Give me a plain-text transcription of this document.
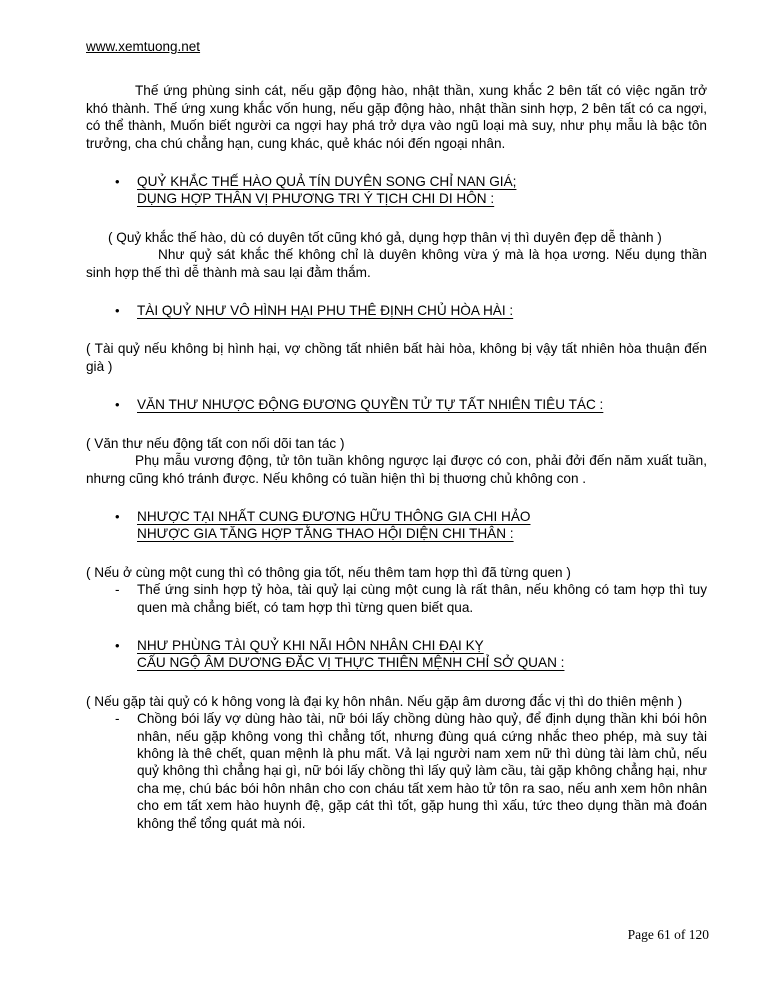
www.xemtuong.net

Thế ứng phùng sinh cát, nếu gặp động hào, nhật thần, xung khắc 2 bên tất có việc ngăn trở khó thành. Thế ứng xung khắc vốn hung, nếu gặp động hào, nhật thần sinh hợp, 2 bên tất có ca ngợi, có thể thành, Muốn biết người ca ngợi hay phá trở dựa vào ngũ loại mà suy, như phụ mẫu là bậc tôn trưởng, cha chú chẳng hạn, cung khác, quẻ khác nói đến ngoại nhân.

•	QUỶ KHẮC THẾ HÀO QUẢ TÍN DUYÊN SONG CHỈ NAN GIÁ;
DỤNG HỢP THÂN VỊ PHƯƠNG TRI Ý TỊCH CHI DI HÔN :

( Quỷ khắc thế hào, dù có duyên tốt cũng khó gả, dụng hợp thân vị thì duyên đẹp dễ thành )

Như quỷ sát khắc thế không chỉ là duyên không vừa ý mà là họa ương. Nếu dụng thần sinh hợp thế thì dễ thành mà sau lại đằm thắm.

•	TÀI QUỶ NHƯ VÔ HÌNH HẠI PHU THÊ ĐỊNH CHỦ HÒA HÀI :

( Tài quỷ nếu không bị hình hại, vợ chồng tất nhiên bất hài hòa, không bị vậy tất nhiên hòa thuận đến già )

•	VĂN THƯ NHƯỢC ĐỘNG ĐƯƠNG QUYỀN TỬ TỰ TẤT NHIÊN TIÊU TÁC :

( Văn thư nếu động tất con nối dõi tan tác )

Phụ mẫu vương động, tử tôn tuần không ngược lại được có con, phải đởi đến năm xuất tuần, nhưng cũng khó tránh được. Nếu không có tuần hiện thì bị thuơng chủ không con .

•	NHƯỢC TẠI NHẤT CUNG ĐƯƠNG HỮU THÔNG GIA CHI HẢO
NHƯỢC GIA TĂNG HỢP TẰNG THAO HỘI DIỆN CHI THÂN :

( Nếu ở cùng một cung thì có thông gia tốt, nếu thêm tam hợp thì đã từng quen )

-	Thế ứng sinh hợp tỷ hòa, tài quỷ lại cùng một cung là rất thân, nếu không có tam hợp thì tuy quen mà chẳng biết, có tam hợp thì từng quen biết qua.

•	NHƯ PHÙNG TÀI QUỶ KHI NÃI HÔN NHÂN CHI ĐẠI KỴ
CẤU NGỘ ÂM DƯƠNG ĐẮC VỊ THỰC THIÊN MỆNH CHỈ SỞ QUAN :

( Nếu gặp tài quỷ có k hông vong là đại kỵ hôn nhân. Nếu gặp âm dương đắc vị thì do thiên mệnh )

-	Chồng bói lấy vợ dùng hào tài, nữ bói lấy chồng dùng hào quỷ, để định dụng thần khi bói hôn nhân, nếu gặp không vong thì chẳng tốt, nhưng đùng quá cứng nhắc theo phép, mà suy tài không là thê chết, quan mệnh là phu mất. Vả lại người nam xem nữ thì dùng tài làm chủ, nếu quỷ không thì chẳng hại gì, nữ bói lấy chồng thì lấy quỷ làm cầu, tài gặp không chẳng hại, như cha mẹ, chú bác bói hôn nhân cho con cháu tất xem hào tử tôn ra sao, nếu anh xem hôn nhân cho em tất xem hào huynh đệ, gặp cát thì tốt, gặp hung thì xấu, tức theo dụng thần mà đoán không thể tổng quát mà nói.

Page 61 of 120
